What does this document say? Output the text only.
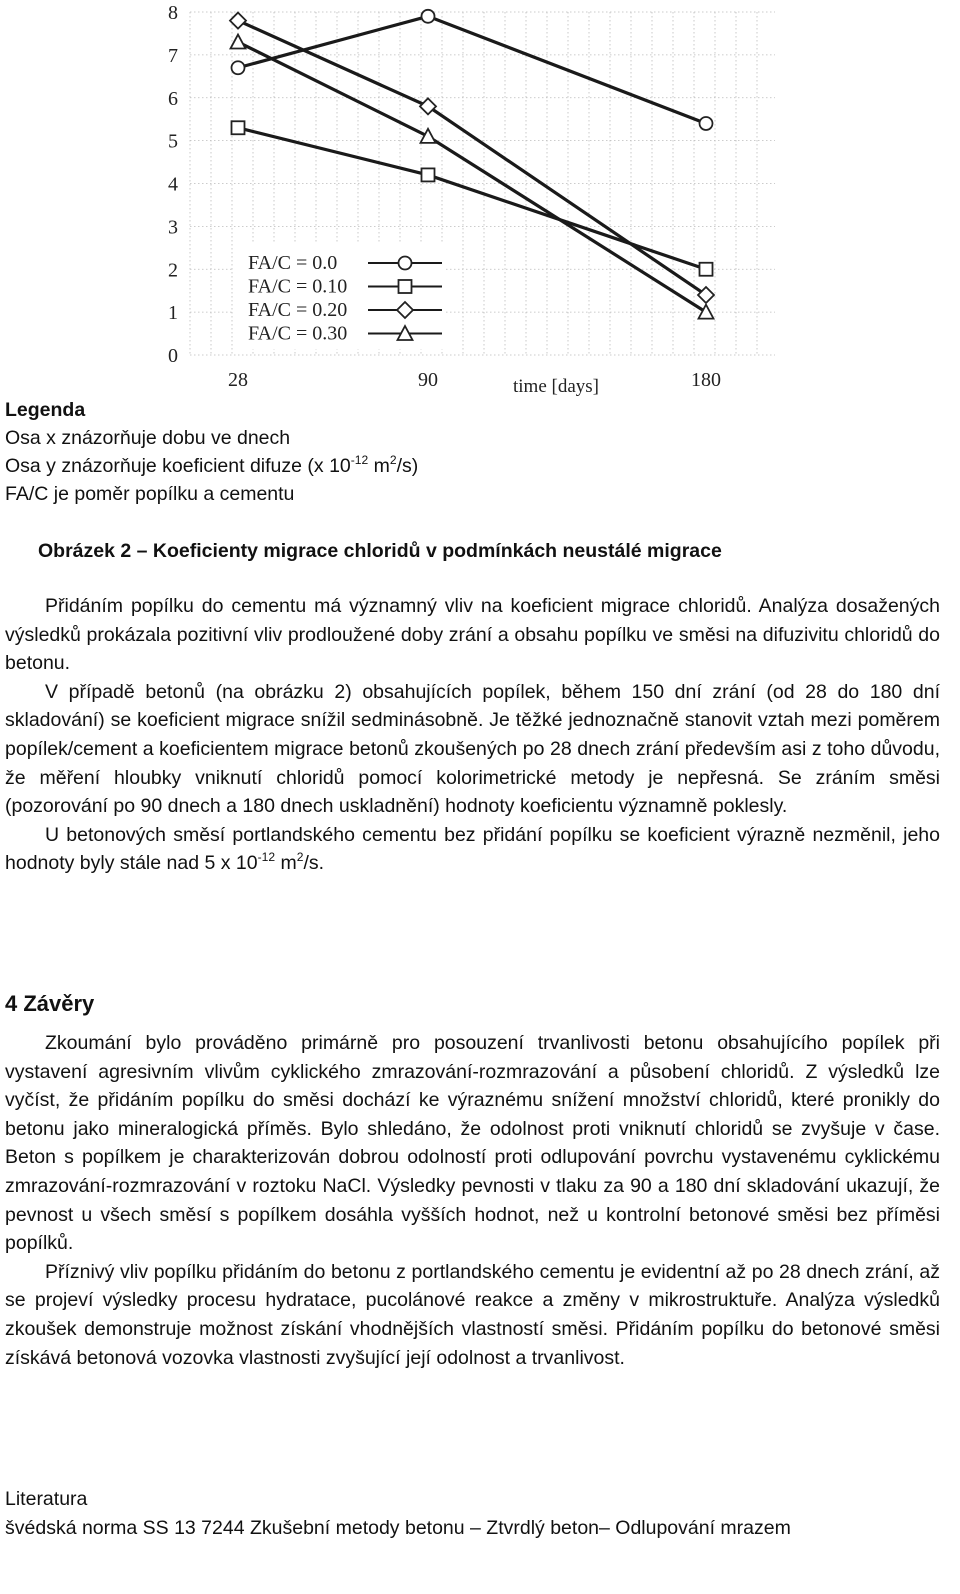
0
1
2
3
4
5
6
7
8
28	90	180
time [days]
FA/C = 0.0
FA/C = 0.10
FA/C = 0.20
FA/C = 0.30
Legenda
Osa x znázorňuje dobu ve dnech
Osa y znázorňuje koeficient difuze (x $10^{-12}$ $m^2/s$)
FA/C je poměr popílku a cementu
Obrázek 2 – Koeficienty migrace chloridů v podmínkách neustálé migrace

Přidáním popílku do cementu má významný vliv na koeficient migrace chloridů. Analýza dosažených výsledků prokázala pozitivní vliv prodloužené doby zrání a obsahu popílku ve směsi na difuzivitu chloridů do betonu.

V případě betonů (na obrázku 2) obsahujících popílek, během 150 dní zrání (od 28 do 180 dní skladování) se koeficient migrace snížil sedminásobně. Je těžké jednoznačně stanovit vztah mezi poměrem popílek/cement a koeficientem migrace betonů zkoušených po 28 dnech zrání především asi z toho důvodu, že měření hloubky vniknutí chloridů pomocí kolorimetrické metody je nepřesná. Se zráním směsi (pozorování po 90 dnech a 180 dnech uskladnění) hodnoty koeficientu významně poklesly.

U betonových směsí portlandského cementu bez přidání popílku se koeficient výrazně nezměnil, jeho hodnoty byly stále nad 5 x $10^{-12}$ $m^2/s$.

4 Závěry

Zkoumání bylo prováděno primárně pro posouzení trvanlivosti betonu obsahujícího popílek při vystavení agresivním vlivům cyklického zmrazování-rozmrazování a působení chloridů. Z výsledků lze vyčíst, že přidáním popílku do směsi dochází ke výraznému snížení množství chloridů, které pronikly do betonu jako mineralogická příměs. Bylo shledáno, že odolnost proti vniknutí chloridů se zvyšuje v čase. Beton s popílkem je charakterizován dobrou odolností proti odlupování povrchu vystavenému cyklickému zmrazování-rozmrazování v roztoku NaCl. Výsledky pevnosti v tlaku za 90 a 180 dní skladování ukazují, že pevnost u všech směsí s popílkem dosáhla vyšších hodnot, než u kontrolní betonové směsi bez příměsi popílků.

Příznivý vliv popílku přidáním do betonu z portlandského cementu je evidentní až po 28 dnech zrání, až se projeví výsledky procesu hydratace, pucolánové reakce a změny v mikrostruktuře. Analýza výsledků zkoušek demonstruje možnost získání vhodnějších vlastností směsi. Přidáním popílku do betonové směsi získává betonová vozovka vlastnosti zvyšující její odolnost a trvanlivost.

Literatura
švédská norma SS 13 7244 Zkušební metody betonu – Ztvrdlý beton– Odlupování mrazem
